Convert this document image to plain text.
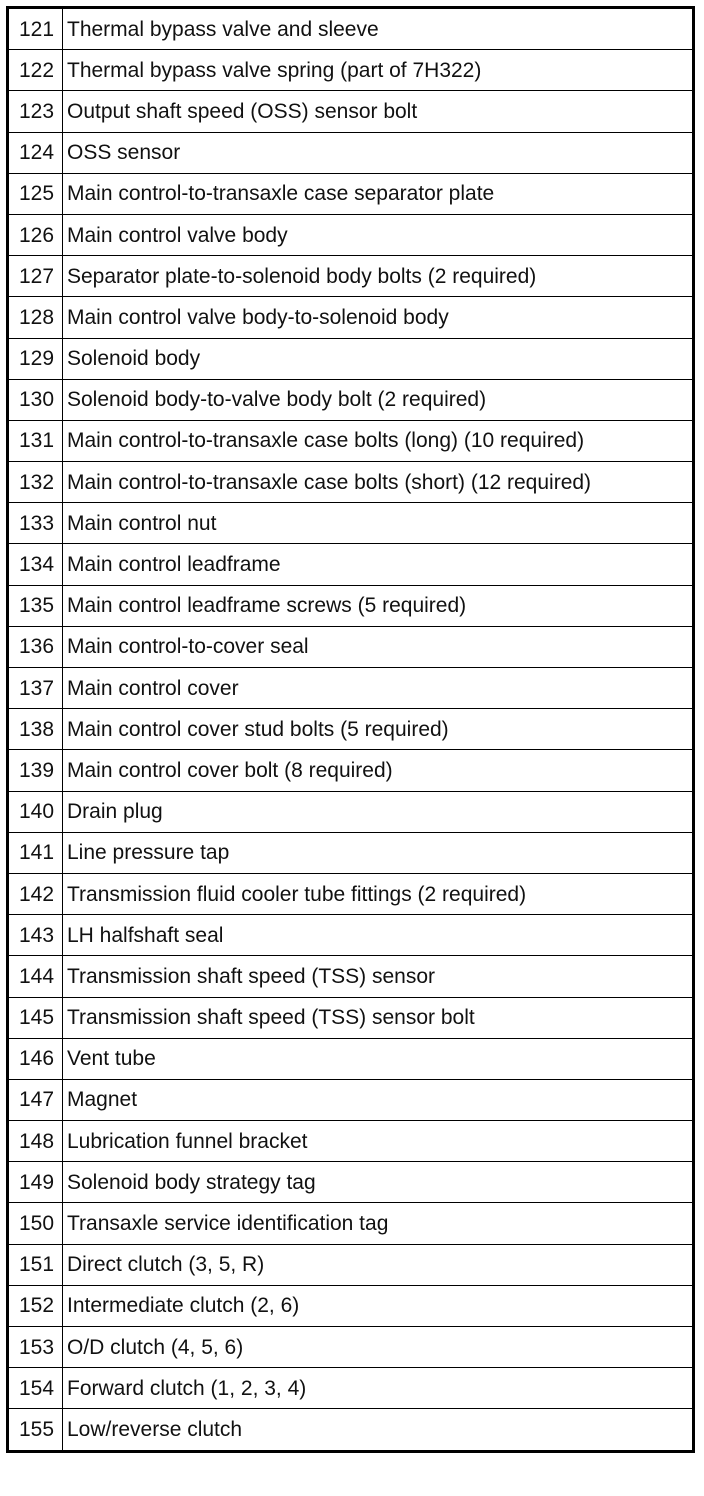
121	Thermal bypass valve and sleeve
122	Thermal bypass valve spring (part of 7H322)
123	Output shaft speed (OSS) sensor bolt
124	OSS sensor
125	Main control-to-transaxle case separator plate
126	Main control valve body
127	Separator plate-to-solenoid body bolts (2 required)
128	Main control valve body-to-solenoid body
129	Solenoid body
130	Solenoid body-to-valve body bolt (2 required)
131	Main control-to-transaxle case bolts (long) (10 required)
132	Main control-to-transaxle case bolts (short) (12 required)
133	Main control nut
134	Main control leadframe
135	Main control leadframe screws (5 required)
136	Main control-to-cover seal
137	Main control cover
138	Main control cover stud bolts (5 required)
139	Main control cover bolt (8 required)
140	Drain plug
141	Line pressure tap
142	Transmission fluid cooler tube fittings (2 required)
143	LH halfshaft seal
144	Transmission shaft speed (TSS) sensor
145	Transmission shaft speed (TSS) sensor bolt
146	Vent tube
147	Magnet
148	Lubrication funnel bracket
149	Solenoid body strategy tag
150	Transaxle service identification tag
151	Direct clutch (3, 5, R)
152	Intermediate clutch (2, 6)
153	O/D clutch (4, 5, 6)
154	Forward clutch (1, 2, 3, 4)
155	Low/reverse clutch
